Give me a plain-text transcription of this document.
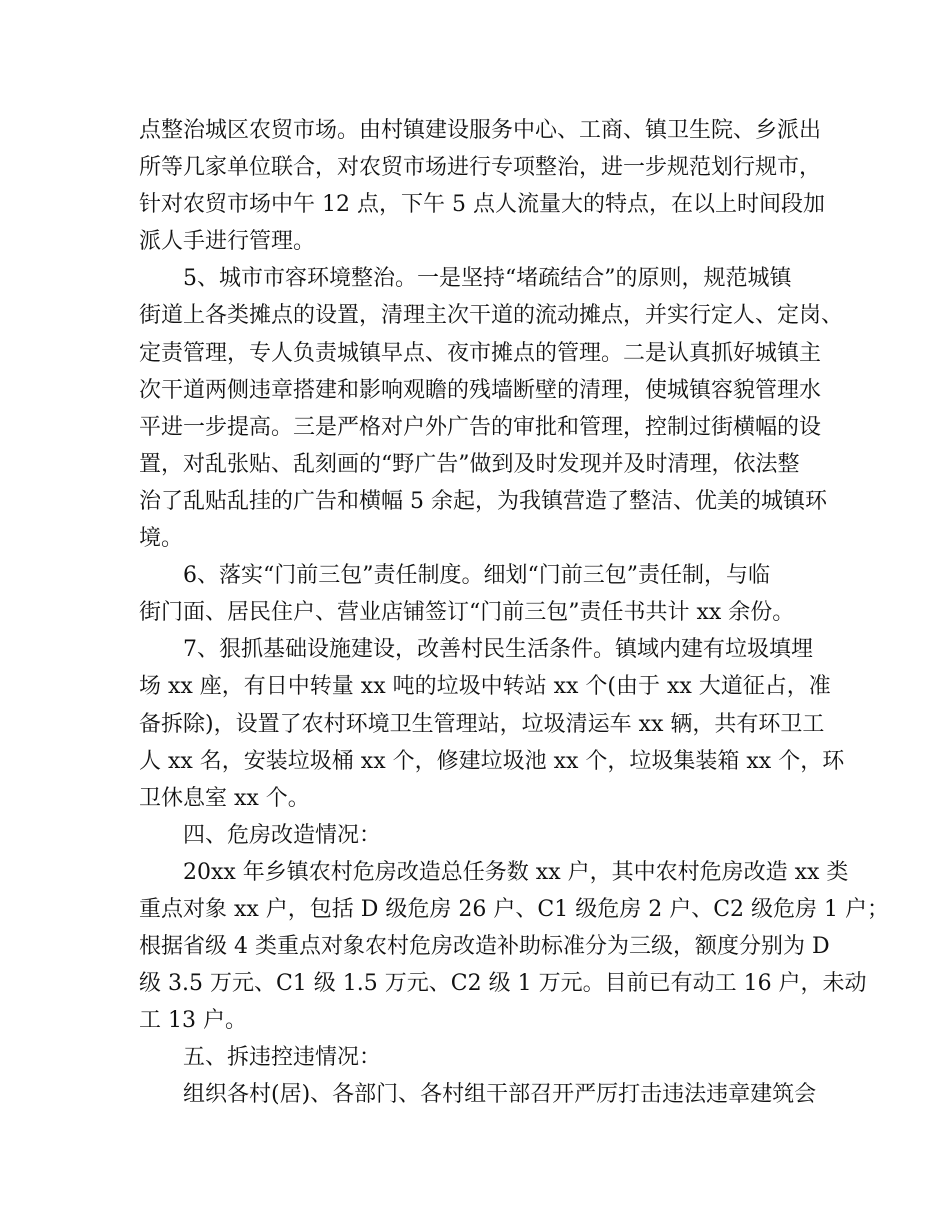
点整治城区农贸市场。由村镇建设服务中心、工商、镇卫生院、乡派出
所等几家单位联合，对农贸市场进行专项整治，进一步规范划行规市，
针对农贸市场中午 12 点，下午 5 点人流量大的特点，在以上时间段加
派人手进行管理。
5、城市市容环境整治。一是坚持“堵疏结合”的原则，规范城镇
街道上各类摊点的设置，清理主次干道的流动摊点，并实行定人、定岗、
定责管理，专人负责城镇早点、夜市摊点的管理。二是认真抓好城镇主
次干道两侧违章搭建和影响观瞻的残墙断壁的清理，使城镇容貌管理水
平进一步提高。三是严格对户外广告的审批和管理，控制过街横幅的设
置，对乱张贴、乱刻画的“野广告”做到及时发现并及时清理，依法整
治了乱贴乱挂的广告和横幅 5 余起，为我镇营造了整洁、优美的城镇环
境。
6、落实“门前三包”责任制度。细划“门前三包”责任制，与临
街门面、居民住户、营业店铺签订“门前三包”责任书共计 xx 余份。
7、狠抓基础设施建设，改善村民生活条件。镇域内建有垃圾填埋
场 xx 座，有日中转量 xx 吨的垃圾中转站 xx 个(由于 xx 大道征占，准
备拆除)，设置了农村环境卫生管理站，垃圾清运车 xx 辆，共有环卫工
人 xx 名，安装垃圾桶 xx 个，修建垃圾池 xx 个，垃圾集装箱 xx 个，环
卫休息室 xx 个。
四、危房改造情况：
20xx 年乡镇农村危房改造总任务数 xx 户，其中农村危房改造 xx 类
重点对象 xx 户，包括 D 级危房 26 户、C1 级危房 2 户、C2 级危房 1 户；
根据省级 4 类重点对象农村危房改造补助标准分为三级，额度分别为 D
级 3.5 万元、C1 级 1.5 万元、C2 级 1 万元。目前已有动工 16 户，未动
工 13 户。
五、拆违控违情况：
组织各村(居)、各部门、各村组干部召开严厉打击违法违章建筑会
